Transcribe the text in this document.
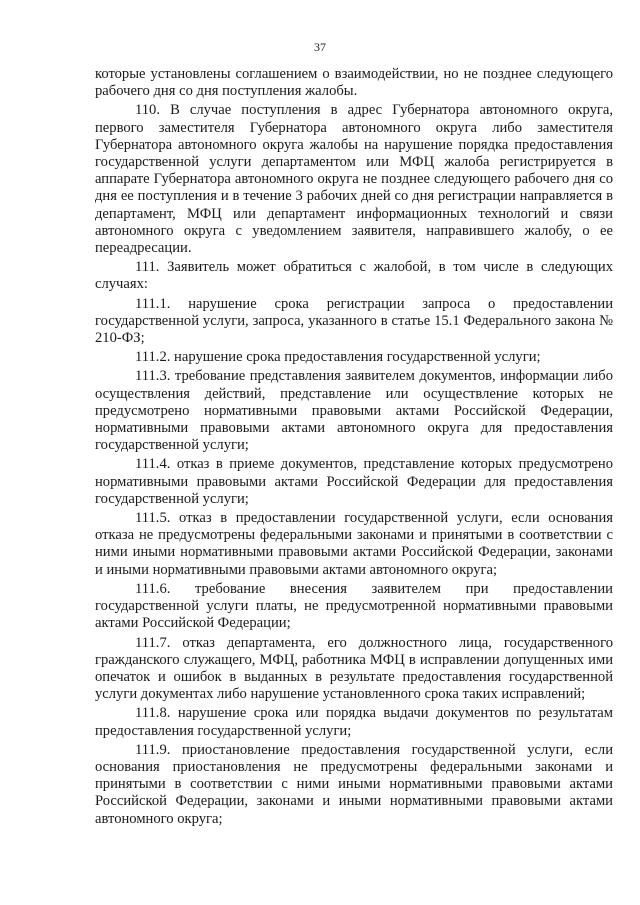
37

которые установлены соглашением о взаимодействии, но не позднее следующего рабочего дня со дня поступления жалобы.

110. В случае поступления в адрес Губернатора автономного округа, первого заместителя Губернатора автономного округа либо заместителя Губернатора автономного округа жалобы на нарушение порядка предоставления государственной услуги департаментом или МФЦ жалоба регистрируется в аппарате Губернатора автономного округа не позднее следующего рабочего дня со дня ее поступления и в течение 3 рабочих дней со дня регистрации направляется в департамент, МФЦ или департамент информационных технологий и связи автономного округа с уведомлением заявителя, направившего жалобу, о ее переадресации.

111. Заявитель может обратиться с жалобой, в том числе в следующих случаях:

111.1. нарушение срока регистрации запроса о предоставлении государственной услуги, запроса, указанного в статье 15.1 Федерального закона № 210-ФЗ;

111.2. нарушение срока предоставления государственной услуги;

111.3. требование представления заявителем документов, информации либо осуществления действий, представление или осуществление которых не предусмотрено нормативными правовыми актами Российской Федерации, нормативными правовыми актами автономного округа для предоставления государственной услуги;

111.4. отказ в приеме документов, представление которых предусмотрено нормативными правовыми актами Российской Федерации для предоставления государственной услуги;

111.5. отказ в предоставлении государственной услуги, если основания отказа не предусмотрены федеральными законами и принятыми в соответствии с ними иными нормативными правовыми актами Российской Федерации, законами и иными нормативными правовыми актами автономного округа;

111.6. требование внесения заявителем при предоставлении государственной услуги платы, не предусмотренной нормативными правовыми актами Российской Федерации;

111.7. отказ департамента, его должностного лица, государственного гражданского служащего, МФЦ, работника МФЦ в исправлении допущенных ими опечаток и ошибок в выданных в результате предоставления государственной услуги документах либо нарушение установленного срока таких исправлений;

111.8. нарушение срока или порядка выдачи документов по результатам предоставления государственной услуги;

111.9. приостановление предоставления государственной услуги, если основания приостановления не предусмотрены федеральными законами и принятыми в соответствии с ними иными нормативными правовыми актами Российской Федерации, законами и иными нормативными правовыми актами автономного округа;
